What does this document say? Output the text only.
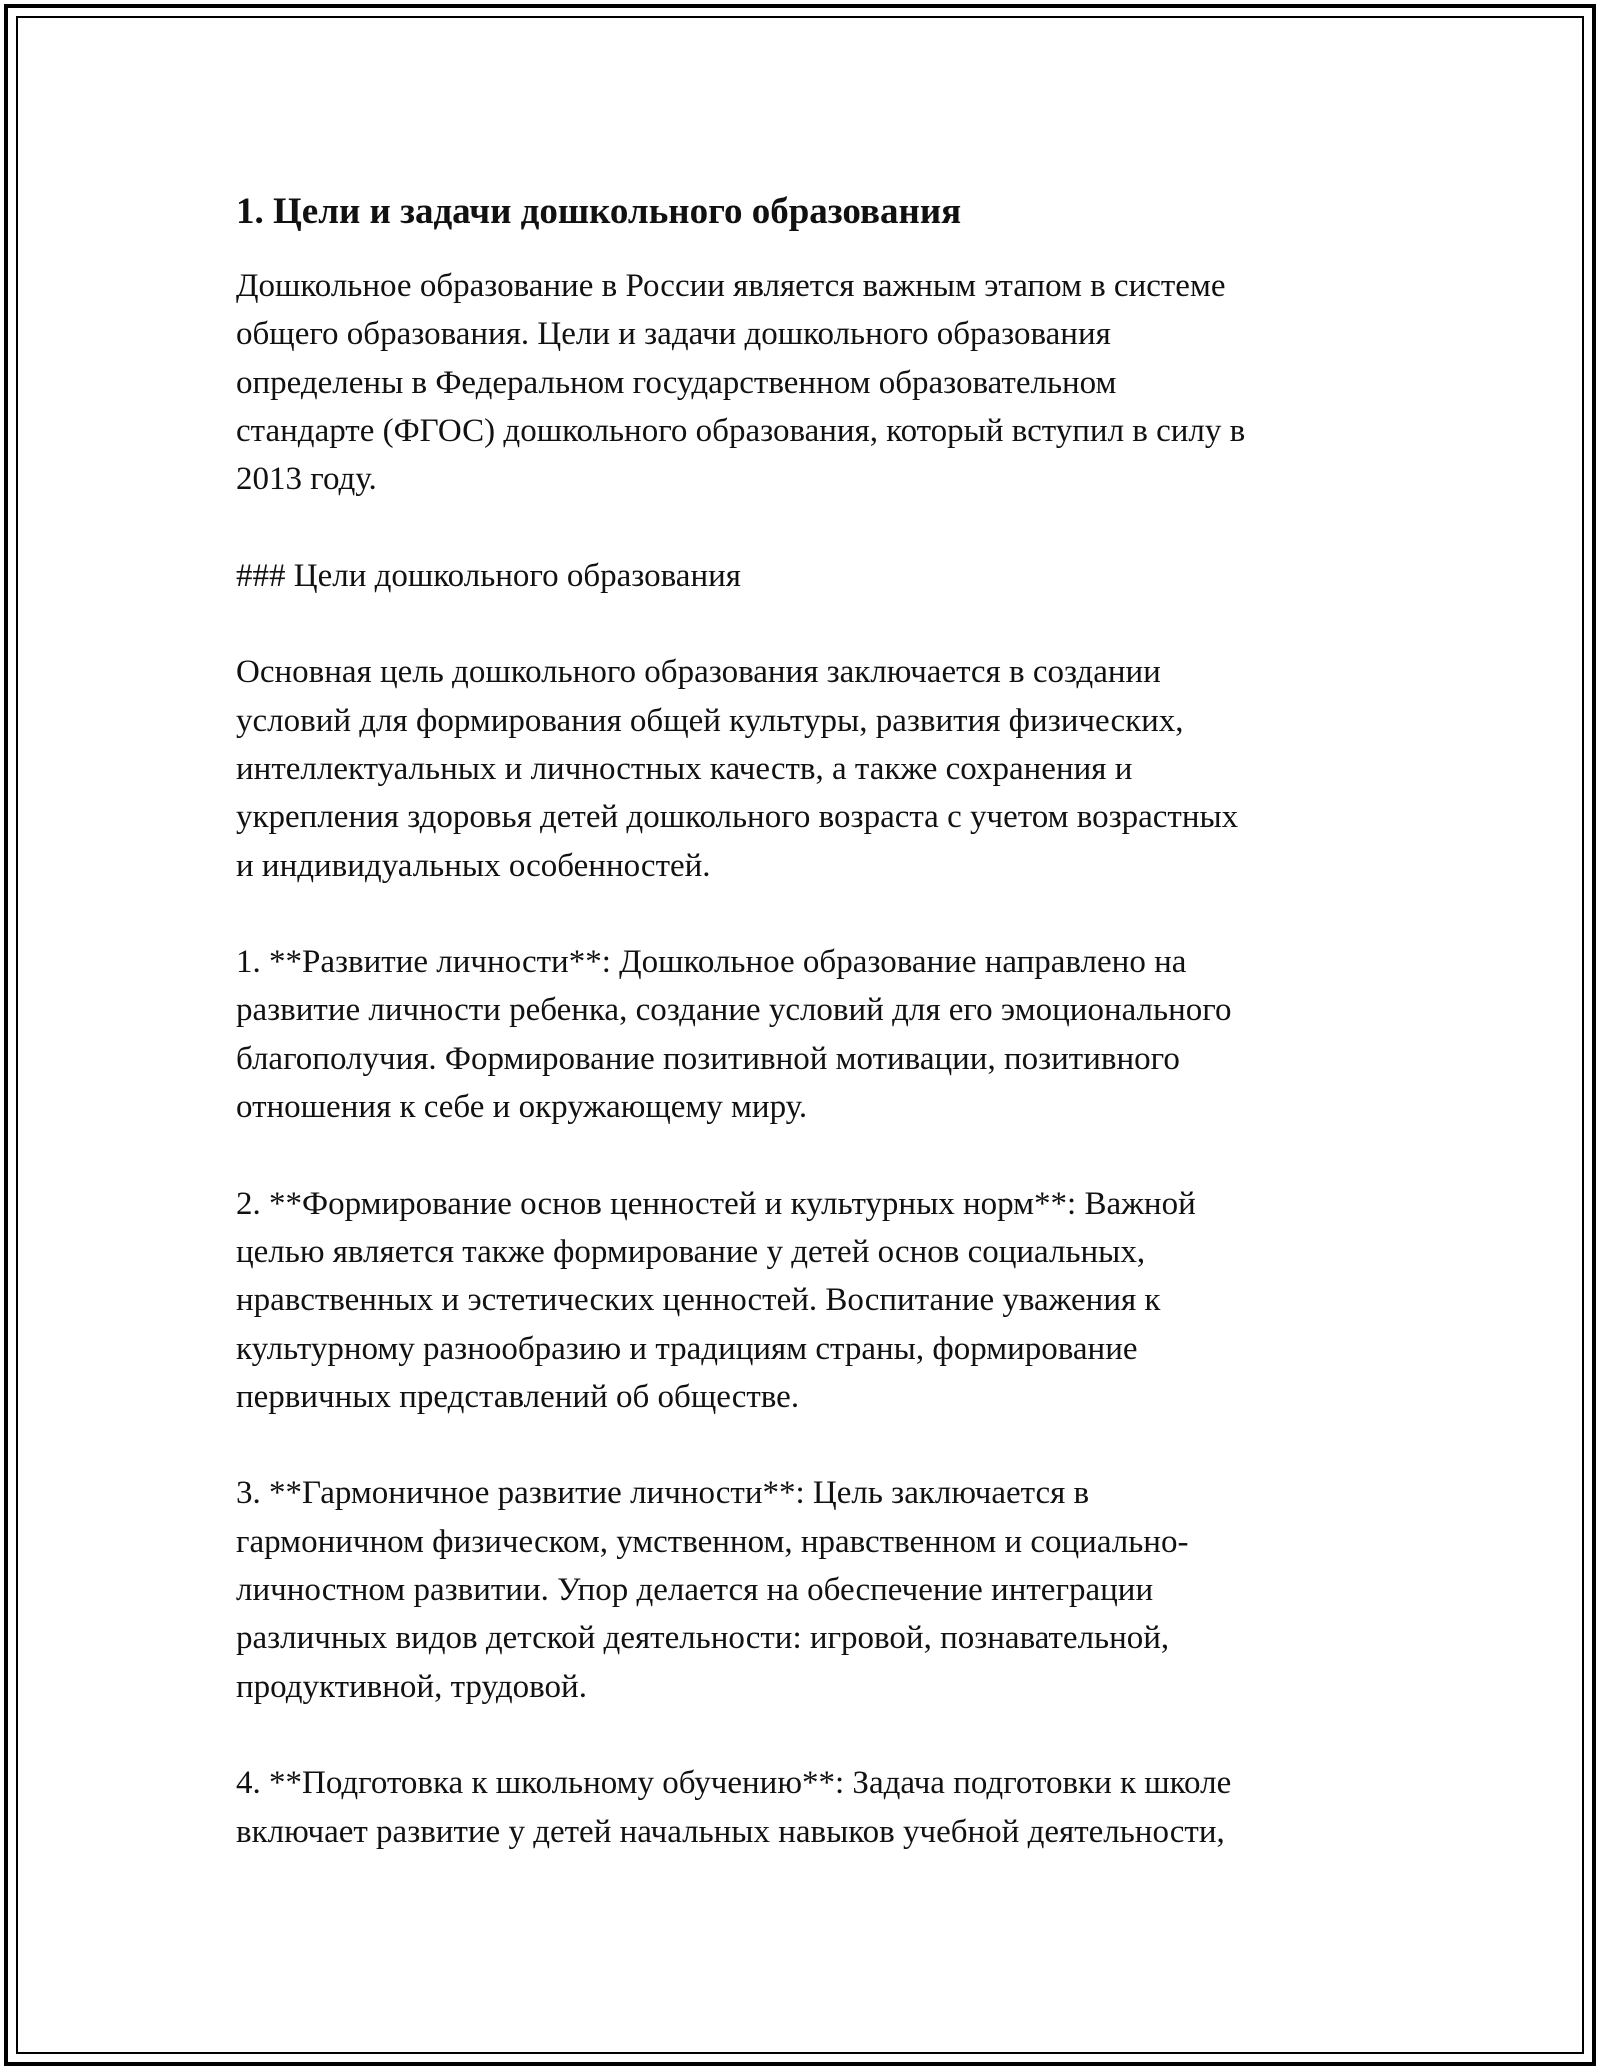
1. Цели и задачи дошкольного образования
Дошкольное образование в России является важным этапом в системе
общего образования. Цели и задачи дошкольного образования
определены в Федеральном государственном образовательном
стандарте (ФГОС) дошкольного образования, который вступил в силу в
2013 году.
### Цели дошкольного образования
Основная цель дошкольного образования заключается в создании
условий для формирования общей культуры, развития физических,
интеллектуальных и личностных качеств, а также сохранения и
укрепления здоровья детей дошкольного возраста с учетом возрастных
и индивидуальных особенностей.
1. **Развитие личности**: Дошкольное образование направлено на
развитие личности ребенка, создание условий для его эмоционального
благополучия. Формирование позитивной мотивации, позитивного
отношения к себе и окружающему миру.
2. **Формирование основ ценностей и культурных норм**: Важной
целью является также формирование у детей основ социальных,
нравственных и эстетических ценностей. Воспитание уважения к
культурному разнообразию и традициям страны, формирование
первичных представлений об обществе.
3. **Гармоничное развитие личности**: Цель заключается в
гармоничном физическом, умственном, нравственном и социально-
личностном развитии. Упор делается на обеспечение интеграции
различных видов детской деятельности: игровой, познавательной,
продуктивной, трудовой.
4. **Подготовка к школьному обучению**: Задача подготовки к школе
включает развитие у детей начальных навыков учебной деятельности,
